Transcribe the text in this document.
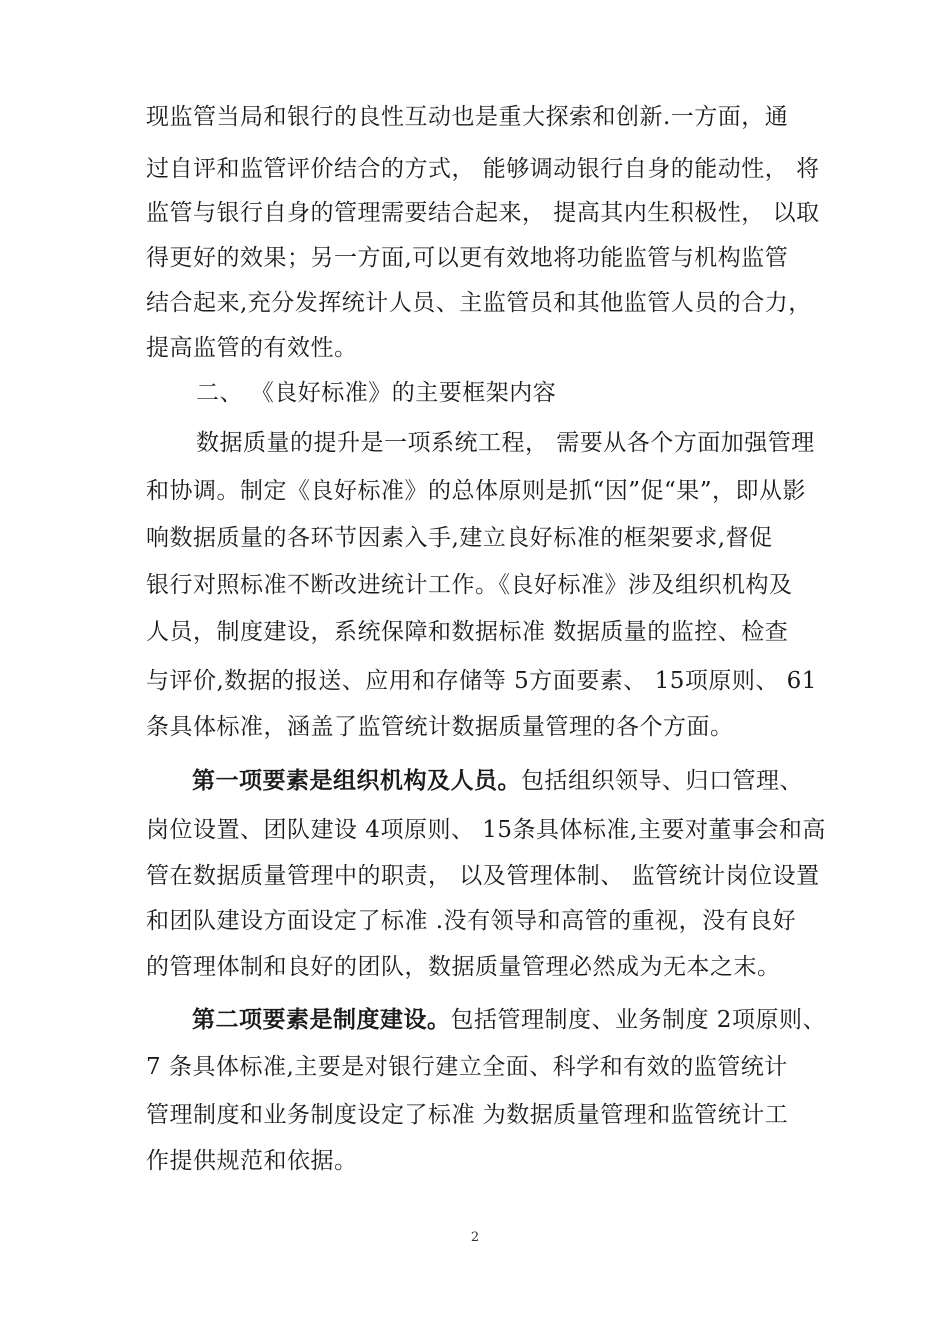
现监管当局和银行的良性互动也是重大探索和创新.一方面，通
过自评和监管评价结合的方式， 能够调动银行自身的能动性， 将
监管与银行自身的管理需要结合起来， 提高其内生积极性， 以取
得更好的效果；另一方面,可以更有效地将功能监管与机构监管
结合起来,充分发挥统计人员、主监管员和其他监管人员的合力，
提高监管的有效性。
二、 《良好标准》的主要框架内容
数据质量的提升是一项系统工程， 需要从各个方面加强管理
和协调。制定《良好标准》的总体原则是抓“因”促“果”，即从影
响数据质量的各环节因素入手,建立良好标准的框架要求,督促
银行对照标准不断改进统计工作。《良好标准》涉及组织机构及
人员，制度建设，系统保障和数据标准 数据质量的监控、检查
与评价,数据的报送、应用和存储等 5方面要素、 15项原则、 61
条具体标准，涵盖了监管统计数据质量管理的各个方面。
第一项要素是组织机构及人员。包括组织领导、归口管理、
岗位设置、团队建设 4项原则、 15条具体标准,主要对董事会和高
管在数据质量管理中的职责， 以及管理体制、 监管统计岗位设置
和团队建设方面设定了标准 .没有领导和高管的重视，没有良好
的管理体制和良好的团队，数据质量管理必然成为无本之末。
第二项要素是制度建设。包括管理制度、业务制度 2项原则、
7 条具体标准,主要是对银行建立全面、科学和有效的监管统计
管理制度和业务制度设定了标准 为数据质量管理和监管统计工
作提供规范和依据。
2
